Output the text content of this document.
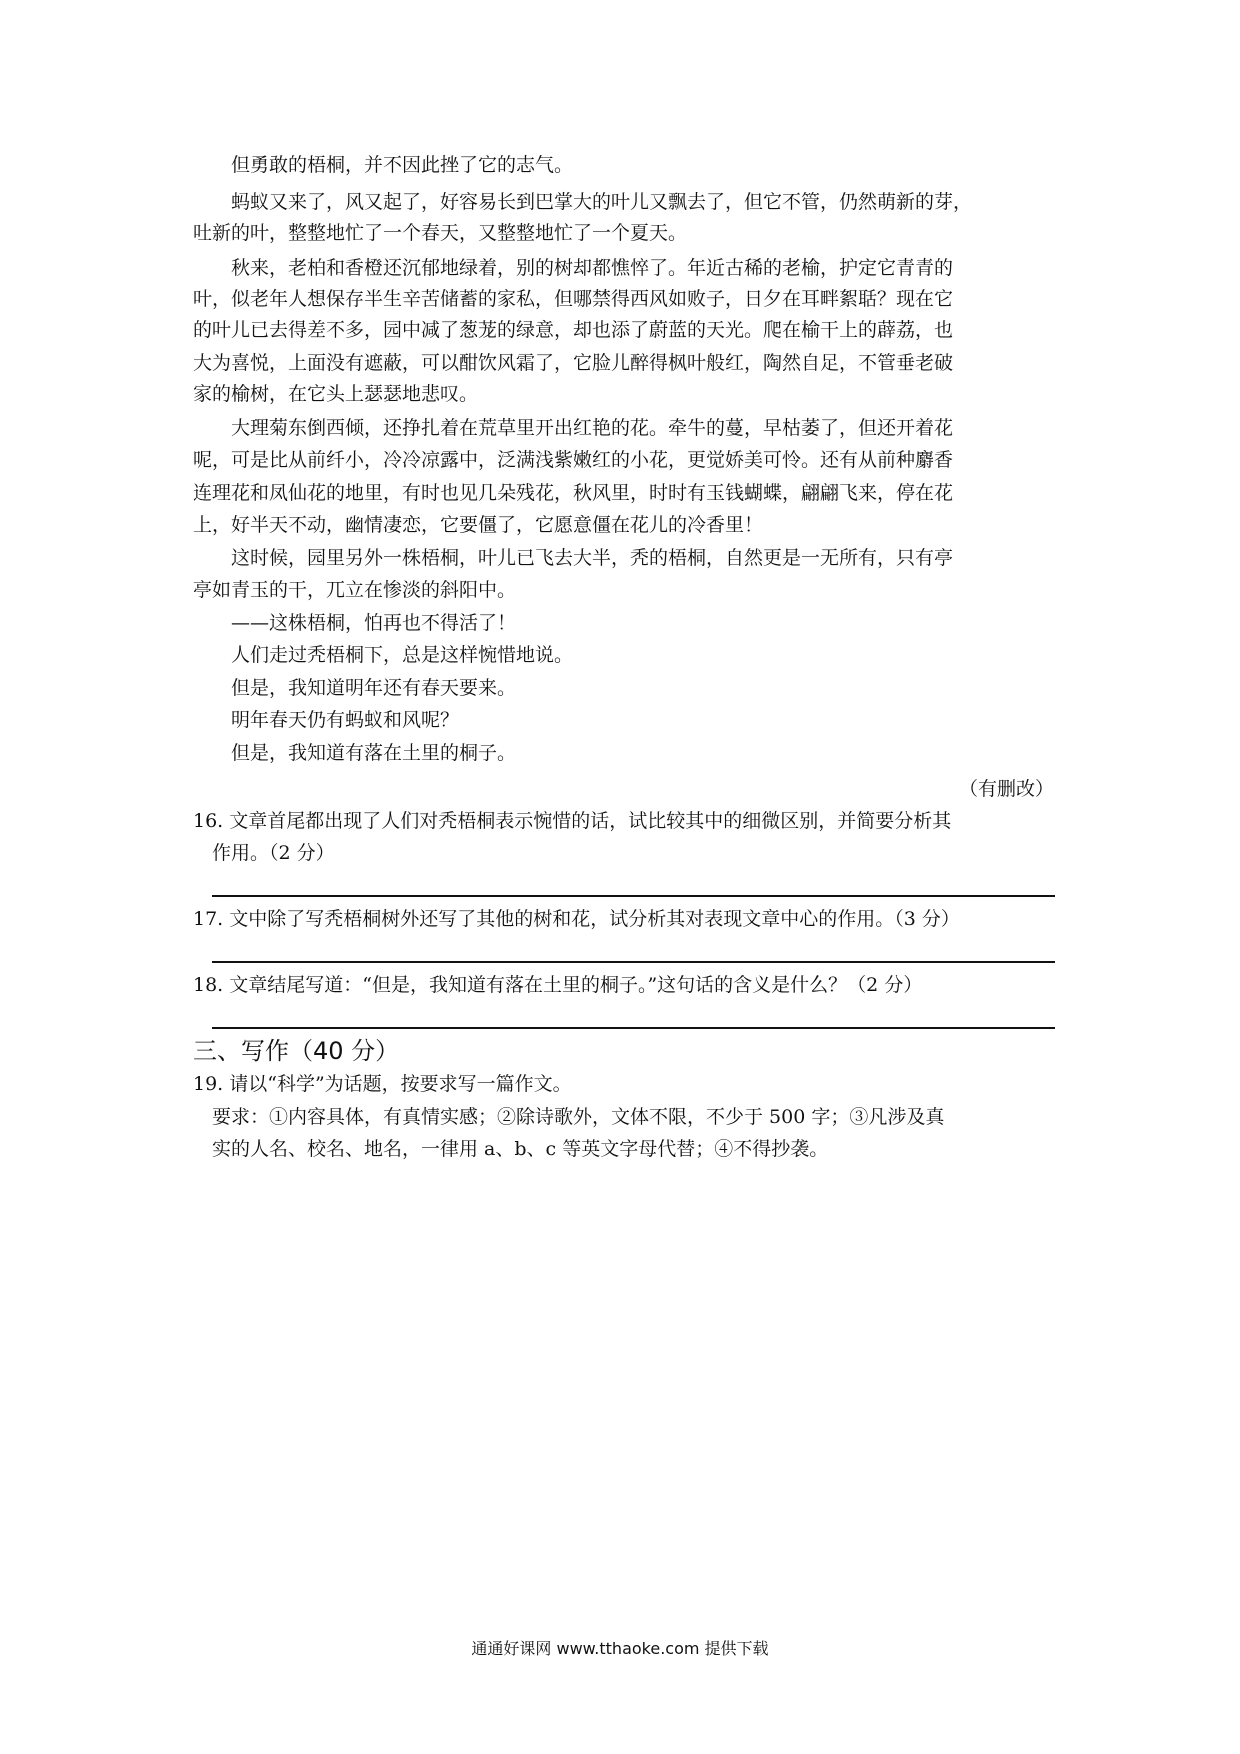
但勇敢的梧桐，并不因此挫了它的志气。
蚂蚁又来了，风又起了，好容易长到巴掌大的叶儿又飘去了，但它不管，仍然萌新的芽，
吐新的叶，整整地忙了一个春天，又整整地忙了一个夏天。
秋来，老柏和香橙还沉郁地绿着，别的树却都憔悴了。年近古稀的老榆，护定它青青的
叶，似老年人想保存半生辛苦储蓄的家私，但哪禁得西风如败子，日夕在耳畔絮聒？现在它
的叶儿已去得差不多，园中减了葱茏的绿意，却也添了蔚蓝的天光。爬在榆干上的薜荔，也
大为喜悦，上面没有遮蔽，可以酣饮风霜了，它脸儿醉得枫叶般红，陶然自足，不管垂老破
家的榆树，在它头上瑟瑟地悲叹。
大理菊东倒西倾，还挣扎着在荒草里开出红艳的花。牵牛的蔓，早枯萎了，但还开着花
呢，可是比从前纤小，冷冷凉露中，泛满浅紫嫩红的小花，更觉娇美可怜。还有从前种麝香
连理花和凤仙花的地里，有时也见几朵残花，秋风里，时时有玉钱蝴蝶，翩翩飞来，停在花
上，好半天不动，幽情凄恋，它要僵了，它愿意僵在花儿的冷香里！
这时候，园里另外一株梧桐，叶儿已飞去大半，秃的梧桐，自然更是一无所有，只有亭
亭如青玉的干，兀立在惨淡的斜阳中。
——这株梧桐，怕再也不得活了！
人们走过秃梧桐下，总是这样惋惜地说。
但是，我知道明年还有春天要来。
明年春天仍有蚂蚁和风呢？
但是，我知道有落在土里的桐子。
（有删改）
16. 文章首尾都出现了人们对秃梧桐表示惋惜的话，试比较其中的细微区别，并简要分析其
作用。（2 分）
17. 文中除了写秃梧桐树外还写了其他的树和花，试分析其对表现文章中心的作用。（3 分）
18. 文章结尾写道：“但是，我知道有落在土里的桐子。”这句话的含义是什么？（2 分）
三、写作（40 分）
19. 请以“科学”为话题，按要求写一篇作文。
要求：①内容具体，有真情实感；②除诗歌外，文体不限，不少于 500 字；③凡涉及真
实的人名、校名、地名，一律用 a、b、c 等英文字母代替；④不得抄袭。
通通好课网 www.tthaoke.com 提供下载
